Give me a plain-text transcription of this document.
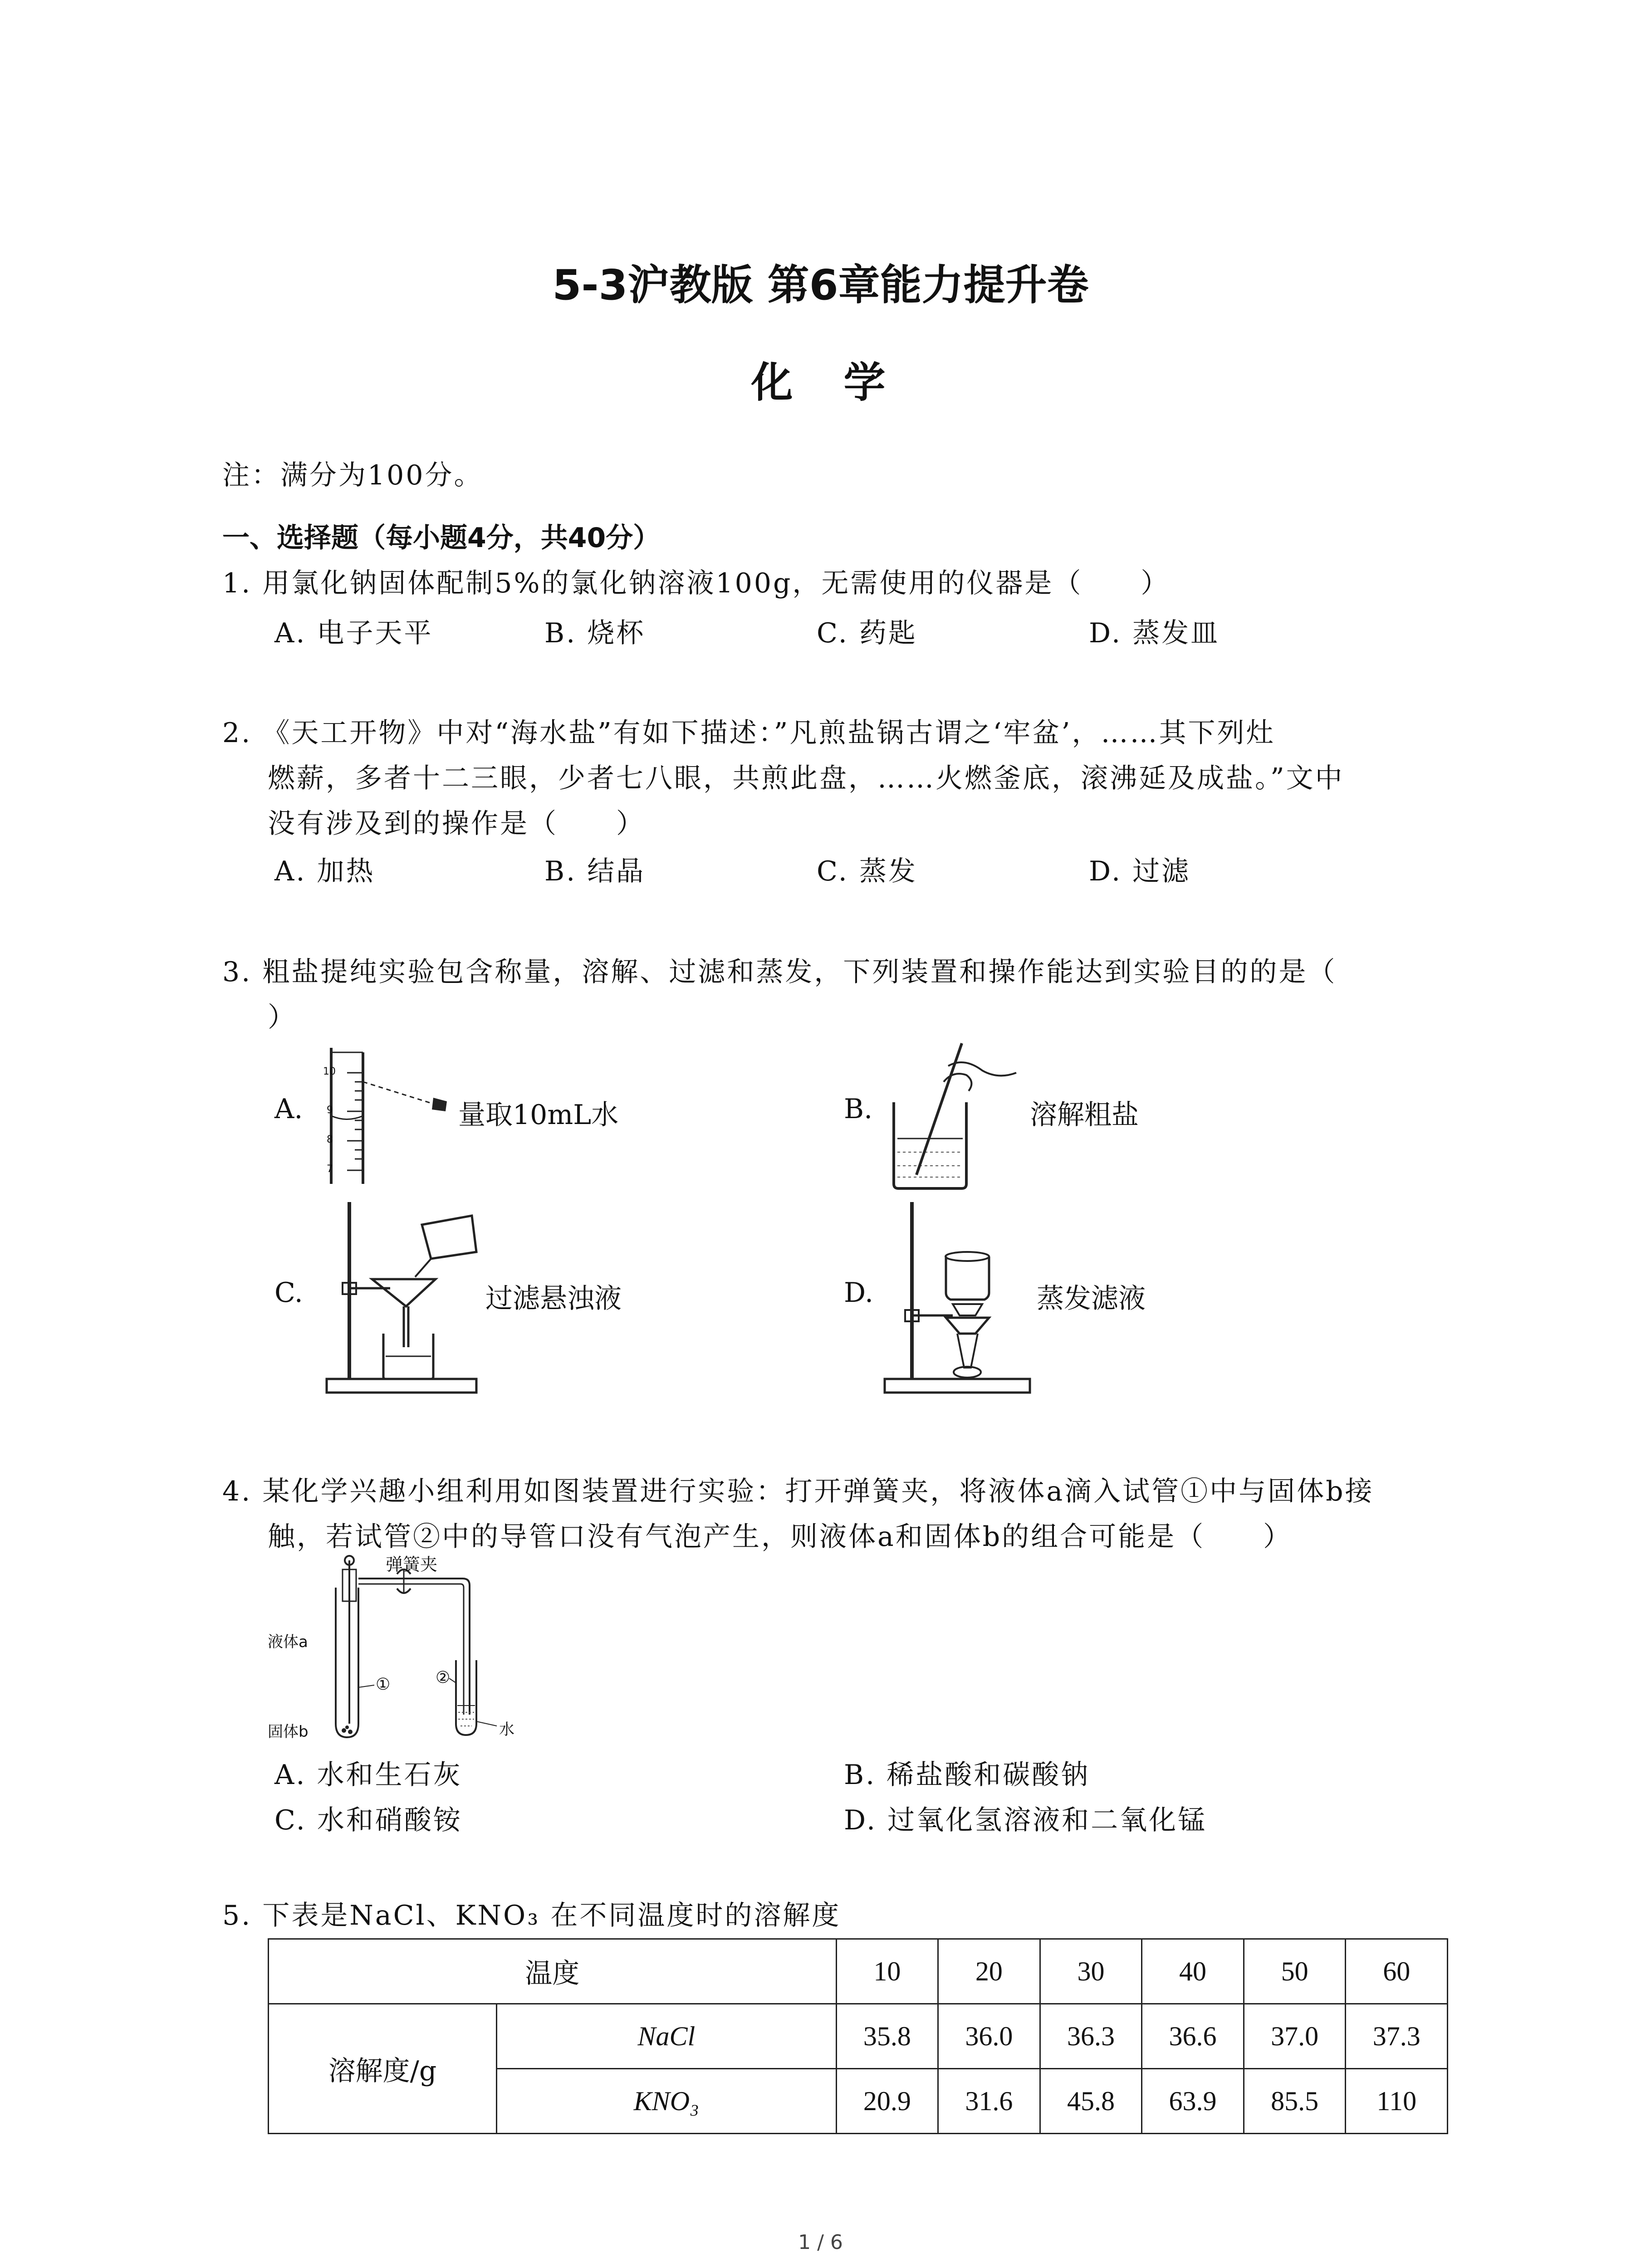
5-3沪教版 第6章能力提升卷
化　学
注：满分为100分。
一、选择题（每小题4分，共40分）
1. 用氯化钠固体配制5%的氯化钠溶液100g，无需使用的仪器是（　　）
A. 电子天平	B. 烧杯	C. 药匙	D. 蒸发皿
2. 《天工开物》中对“海水盐”有如下描述：”凡煎盐锅古谓之‘牢盆’，……其下列灶
燃薪，多者十二三眼，少者七八眼，共煎此盘，……火燃釜底，滚沸延及成盐。”文中
没有涉及到的操作是（　　）
A. 加热	B. 结晶	C. 蒸发	D. 过滤
3. 粗盐提纯实验包含称量，溶解、过滤和蒸发，下列装置和操作能达到实验目的的是（
）
A.
10
9
8
7
量取10mL水	B.	溶解粗盐
C.	过滤悬浊液	D.	蒸发滤液
4. 某化学兴趣小组利用如图装置进行实验：打开弹簧夹，将液体a滴入试管①中与固体b接
触，若试管②中的导管口没有气泡产生，则液体a和固体b的组合可能是（　　）
弹簧夹
液体a
固体b
①	②
水
A. 水和生石灰	B. 稀盐酸和碳酸钠
C. 水和硝酸铵	D. 过氧化氢溶液和二氧化锰
5. 下表是NaCl、KNO₃ 在不同温度时的溶解度
温度		10	20	30	40	50	60
溶解度/g	NaCl	35.8	36.0	36.3	36.6	37.0	37.3
	KNO₃	20.9	31.6	45.8	63.9	85.5	110
1 / 6
